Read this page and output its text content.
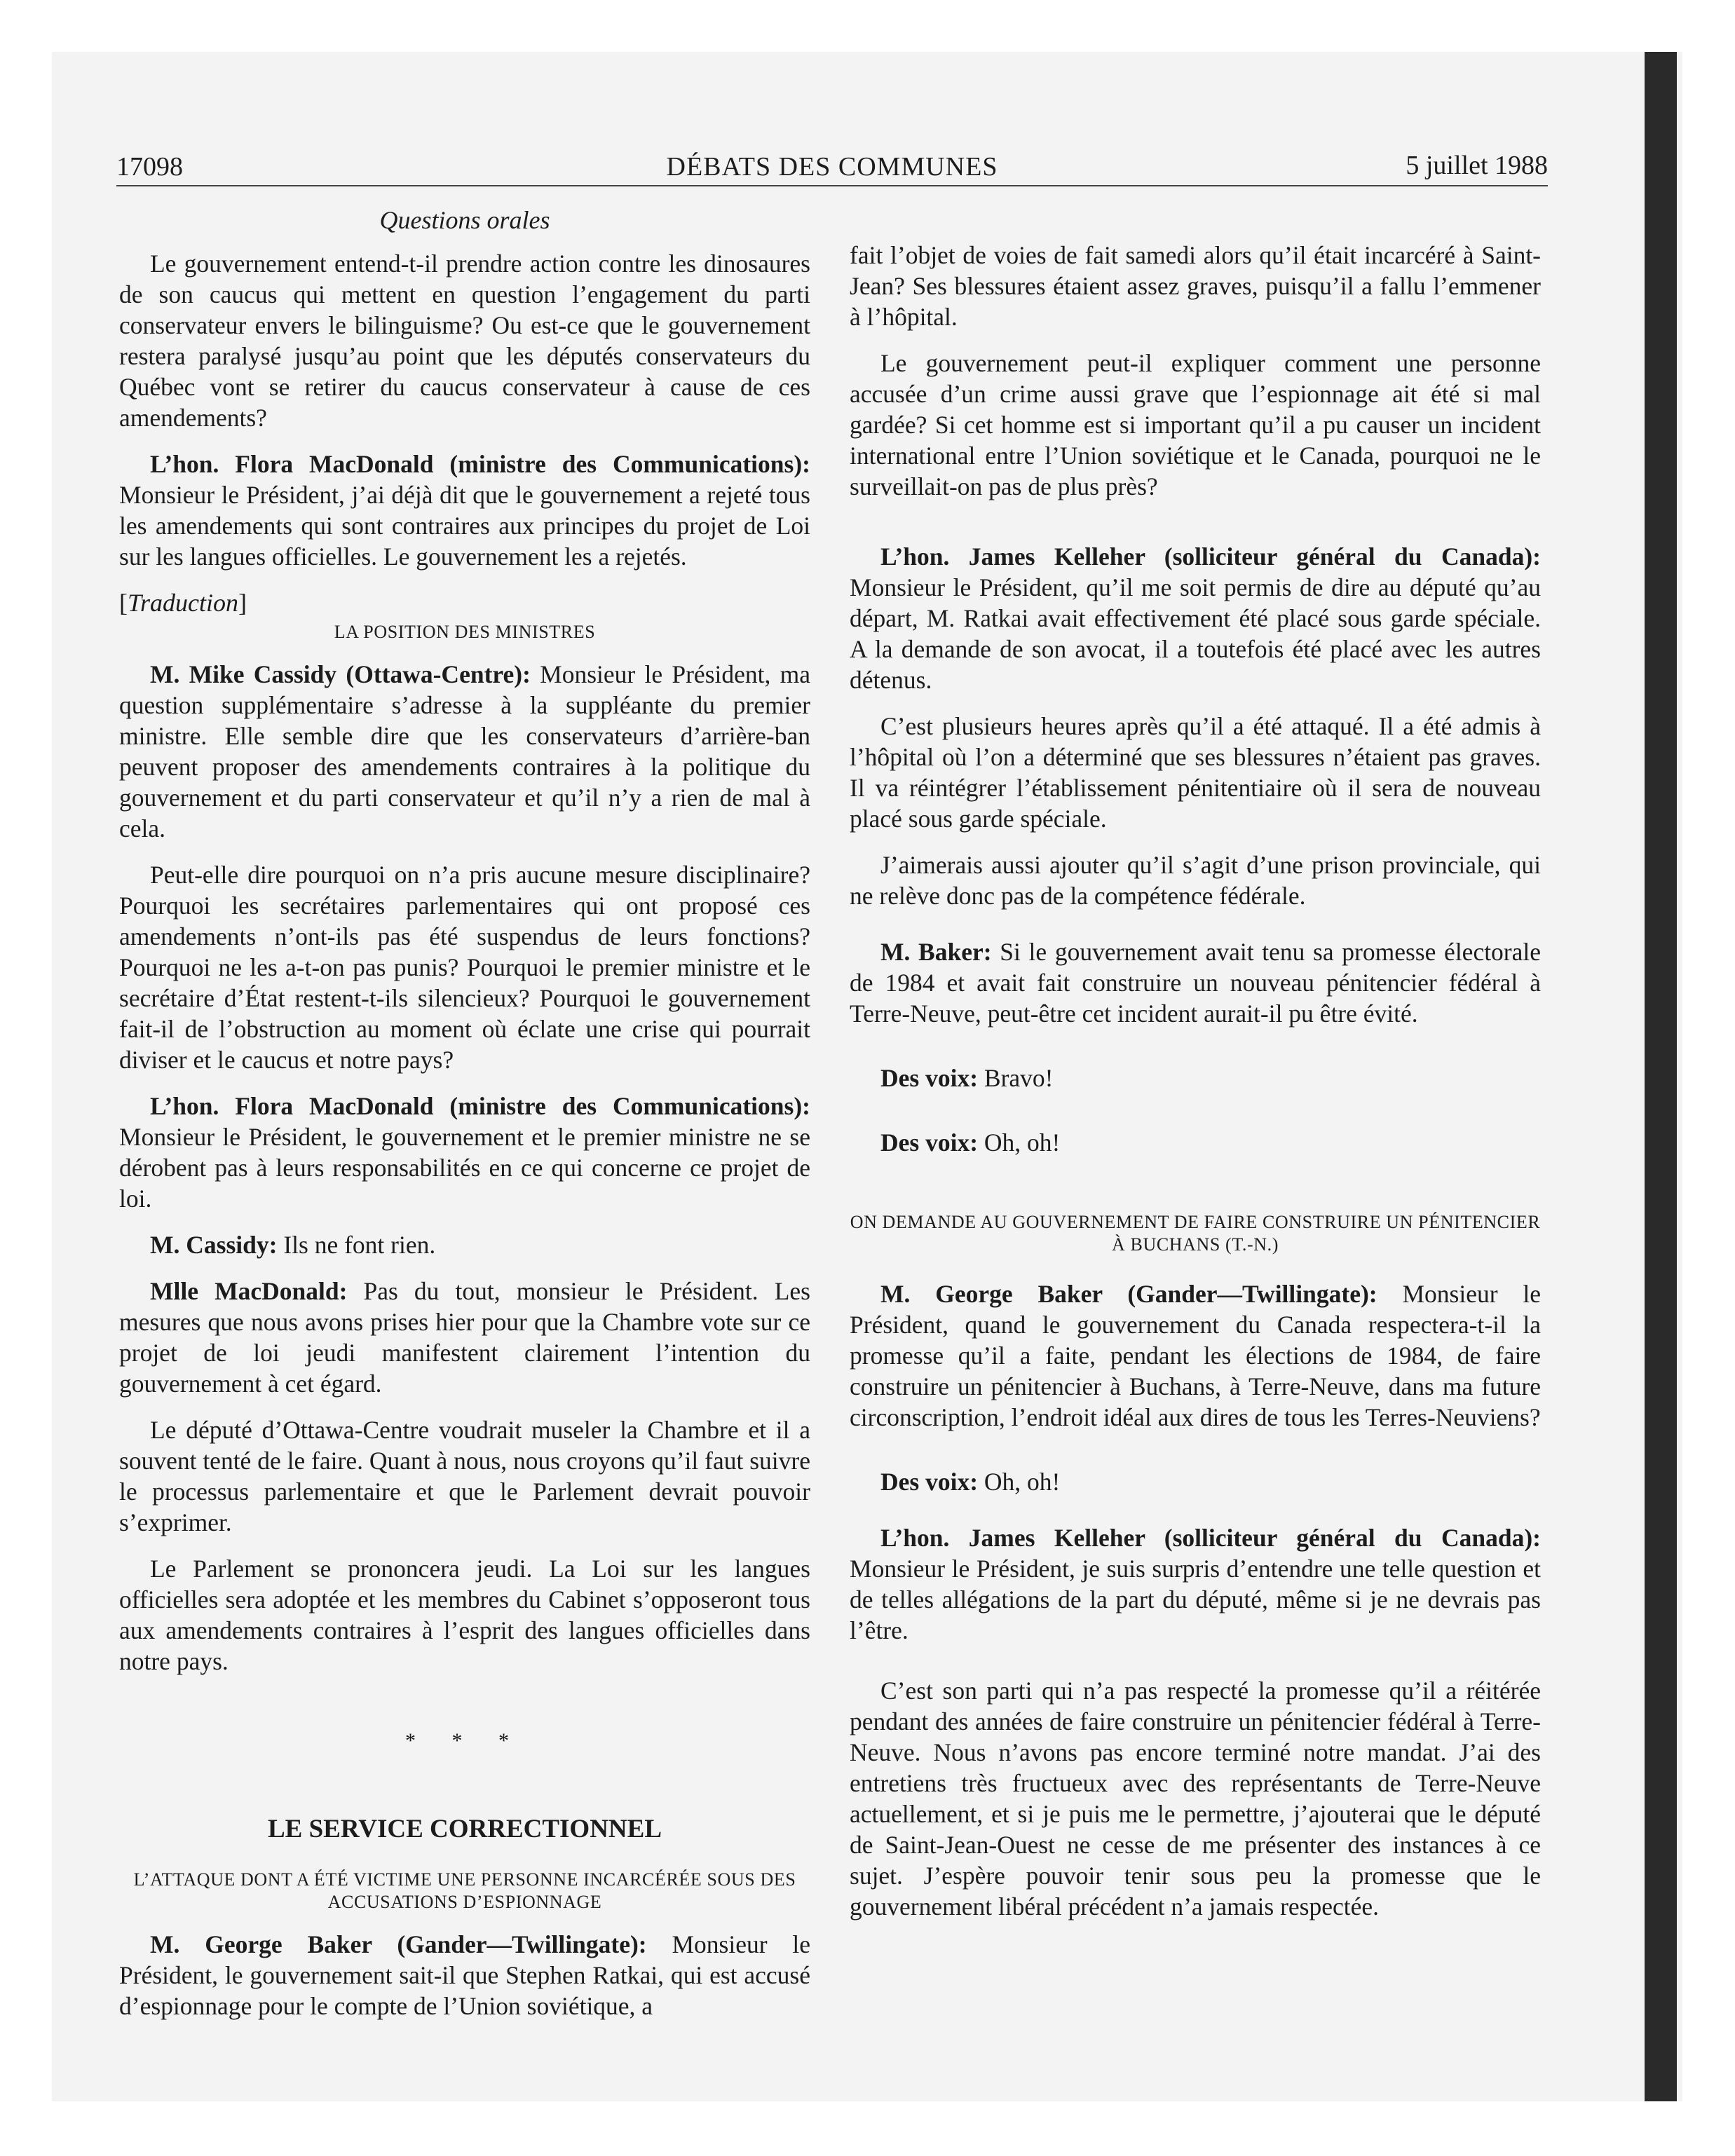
17098	DÉBATS DES COMMUNES	5 juillet 1988
Questions orales

Le gouvernement entend-t-il prendre action contre les dinosaures de son caucus qui mettent en question l’engagement du parti conservateur envers le bilinguisme? Ou est-ce que le gouvernement restera paralysé jusqu’au point que les députés conservateurs du Québec vont se retirer du caucus conservateur à cause de ces amendements?

L’hon. Flora MacDonald (ministre des Communications): Monsieur le Président, j’ai déjà dit que le gouvernement a rejeté tous les amendements qui sont contraires aux principes du projet de Loi sur les langues officielles. Le gouvernement les a rejetés.

[Traduction]
LA POSITION DES MINISTRES

M. Mike Cassidy (Ottawa-Centre): Monsieur le Président, ma question supplémentaire s’adresse à la suppléante du premier ministre. Elle semble dire que les conservateurs d’arrière-ban peuvent proposer des amendements contraires à la politique du gouvernement et du parti conservateur et qu’il n’y a rien de mal à cela.

Peut-elle dire pourquoi on n’a pris aucune mesure disciplinaire? Pourquoi les secrétaires parlementaires qui ont proposé ces amendements n’ont-ils pas été suspendus de leurs fonctions? Pourquoi ne les a-t-on pas punis? Pourquoi le premier ministre et le secrétaire d’État restent-t-ils silencieux? Pourquoi le gouvernement fait-il de l’obstruction au moment où éclate une crise qui pourrait diviser et le caucus et notre pays?

L’hon. Flora MacDonald (ministre des Communications): Monsieur le Président, le gouvernement et le premier ministre ne se dérobent pas à leurs responsabilités en ce qui concerne ce projet de loi.

M. Cassidy: Ils ne font rien.

Mlle MacDonald: Pas du tout, monsieur le Président. Les mesures que nous avons prises hier pour que la Chambre vote sur ce projet de loi jeudi manifestent clairement l’intention du gouvernement à cet égard.

Le député d’Ottawa-Centre voudrait museler la Chambre et il a souvent tenté de le faire. Quant à nous, nous croyons qu’il faut suivre le processus parlementaire et que le Parlement devrait pouvoir s’exprimer.

Le Parlement se prononcera jeudi. La Loi sur les langues officielles sera adoptée et les membres du Cabinet s’opposeront tous aux amendements contraires à l’esprit des langues officielles dans notre pays.

* * *
LE SERVICE CORRECTIONNEL
L’ATTAQUE DONT A ÉTÉ VICTIME UNE PERSONNE INCARCÉRÉE SOUS DES ACCUSATIONS D’ESPIONNAGE

M. George Baker (Gander—Twillingate): Monsieur le Président, le gouvernement sait-il que Stephen Ratkai, qui est accusé d’espionnage pour le compte de l’Union soviétique, a

fait l’objet de voies de fait samedi alors qu’il était incarcéré à Saint-Jean? Ses blessures étaient assez graves, puisqu’il a fallu l’emmener à l’hôpital.

Le gouvernement peut-il expliquer comment une personne accusée d’un crime aussi grave que l’espionnage ait été si mal gardée? Si cet homme est si important qu’il a pu causer un incident international entre l’Union soviétique et le Canada, pourquoi ne le surveillait-on pas de plus près?

L’hon. James Kelleher (solliciteur général du Canada): Monsieur le Président, qu’il me soit permis de dire au député qu’au départ, M. Ratkai avait effectivement été placé sous garde spéciale. A la demande de son avocat, il a toutefois été placé avec les autres détenus.

C’est plusieurs heures après qu’il a été attaqué. Il a été admis à l’hôpital où l’on a déterminé que ses blessures n’étaient pas graves. Il va réintégrer l’établissement pénitentiaire où il sera de nouveau placé sous garde spéciale.

J’aimerais aussi ajouter qu’il s’agit d’une prison provinciale, qui ne relève donc pas de la compétence fédérale.

M. Baker: Si le gouvernement avait tenu sa promesse électorale de 1984 et avait fait construire un nouveau pénitencier fédéral à Terre-Neuve, peut-être cet incident aurait-il pu être évité.

Des voix: Bravo!

Des voix: Oh, oh!

ON DEMANDE AU GOUVERNEMENT DE FAIRE CONSTRUIRE UN PÉNITENCIER À BUCHANS (T.-N.)

M. George Baker (Gander—Twillingate): Monsieur le Président, quand le gouvernement du Canada respectera-t-il la promesse qu’il a faite, pendant les élections de 1984, de faire construire un pénitencier à Buchans, à Terre-Neuve, dans ma future circonscription, l’endroit idéal aux dires de tous les Terres-Neuviens?

Des voix: Oh, oh!

L’hon. James Kelleher (solliciteur général du Canada): Monsieur le Président, je suis surpris d’entendre une telle question et de telles allégations de la part du député, même si je ne devrais pas l’être.

C’est son parti qui n’a pas respecté la promesse qu’il a réitérée pendant des années de faire construire un pénitencier fédéral à Terre-Neuve. Nous n’avons pas encore terminé notre mandat. J’ai des entretiens très fructueux avec des représentants de Terre-Neuve actuellement, et si je puis me le permettre, j’ajouterai que le député de Saint-Jean-Ouest ne cesse de me présenter des instances à ce sujet. J’espère pouvoir tenir sous peu la promesse que le gouvernement libéral précédent n’a jamais respectée.
